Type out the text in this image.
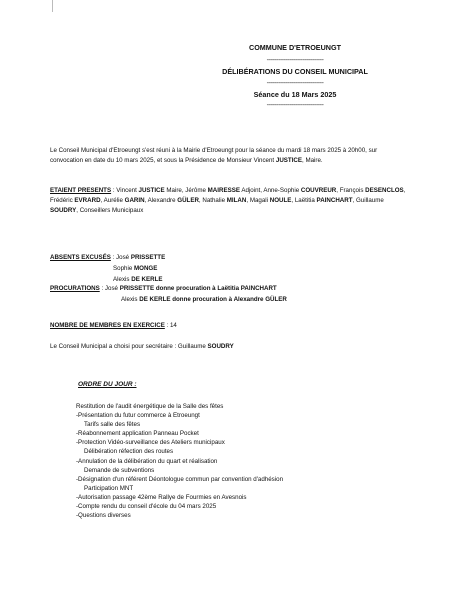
COMMUNE D'ETROEUNGT
------------------------------
DÉLIBÉRATIONS DU CONSEIL MUNICIPAL
------------------------------
Séance du 18 Mars 2025
------------------------------
Le Conseil Municipal d'Etroeungt s'est réuni à la Mairie d'Etroeungt pour la séance du mardi 18 mars 2025 à 20h00, sur convocation en date du 10 mars 2025, et sous la Présidence de Monsieur Vincent JUSTICE, Maire.
ETAIENT PRESENTS : Vincent JUSTICE Maire, Jérôme MAIRESSE Adjoint, Anne-Sophie COUVREUR, François DESENCLOS, Frédéric EVRARD, Aurélie GARIN, Alexandre GÜLER, Nathalie MILAN, Magali NOULE, Laëtitia PAINCHART, Guillaume SOUDRY, Conseillers Municipaux
ABSENTS EXCUSÉS : José PRISSETTE
Sophie MONGE
Alexis DE KERLE
PROCURATIONS : José PRISSETTE donne procuration à Laëtitia PAINCHART
Alexis DE KERLE donne procuration à Alexandre GÜLER
NOMBRE DE MEMBRES EN EXERCICE : 14
Le Conseil Municipal a choisi pour secrétaire : Guillaume SOUDRY
ORDRE DU JOUR :
Restitution de l'audit énergétique de la Salle des fêtes
-Présentation du futur commerce à Etroeungt
Tarifs salle des fêtes
-Réabonnement application Panneau Pocket
-Protection Vidéo-surveillance des Ateliers municipaux
Délibération réfection des routes
-Annulation de la délibération du quart et réalisation
Demande de subventions
-Désignation d'un référent Déontologue commun par convention d'adhésion
Participation MNT
-Autorisation passage 42ème Rallye de Fourmies en Avesnois
-Compte rendu du conseil d'école du 04 mars 2025
-Questions diverses
